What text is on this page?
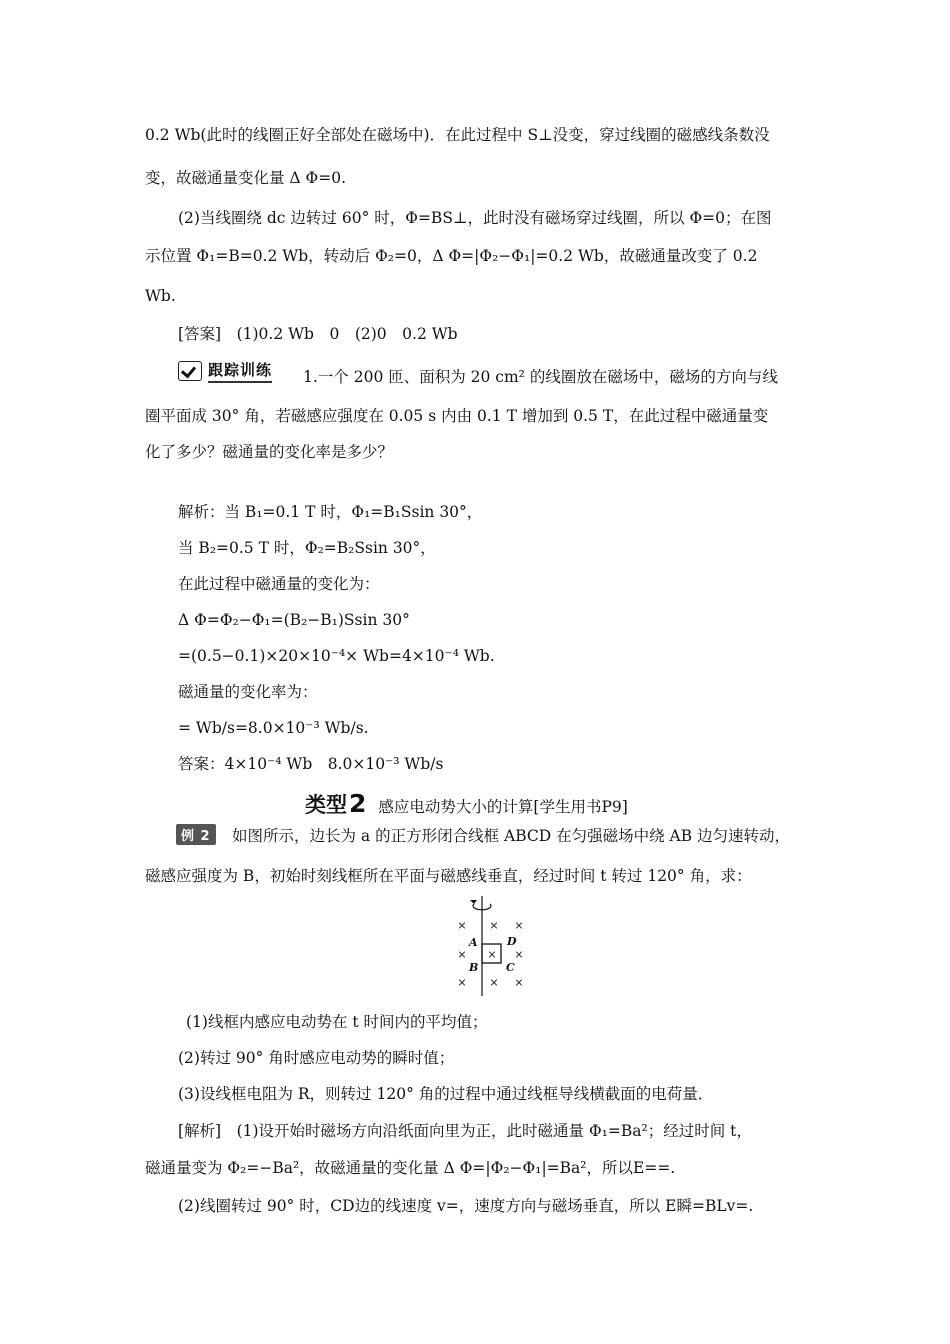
0.2 Wb(此时的线圈正好全部处在磁场中)．在此过程中 S⊥没变，穿过线圈的磁感线条数没
变，故磁通量变化量 Δ Φ=0.
(2)当线圈绕 dc 边转过 60° 时，Φ=BS⊥，此时没有磁场穿过线圈，所以 Φ=0；在图
示位置 Φ₁=B=0.2 Wb，转动后 Φ₂=0，Δ Φ=|Φ₂−Φ₁|=0.2 Wb，故磁通量改变了 0.2
Wb.
[答案]　(1)0.2 Wb　0　(2)0　0.2 Wb
跟踪训练 1.一个 200 匝、面积为 20 cm² 的线圈放在磁场中，磁场的方向与线
圈平面成 30° 角，若磁感应强度在 0.05 s 内由 0.1 T 增加到 0.5 T，在此过程中磁通量变
化了多少？磁通量的变化率是多少？
解析：当 B₁=0.1 T 时，Φ₁=B₁Ssin 30°，
当 B₂=0.5 T 时，Φ₂=B₂Ssin 30°，
在此过程中磁通量的变化为：
Δ Φ=Φ₂−Φ₁=(B₂−B₁)Ssin 30°
=(0.5−0.1)×20×10⁻⁴× Wb=4×10⁻⁴ Wb.
磁通量的变化率为：
= Wb/s=8.0×10⁻³ Wb/s.
答案：4×10⁻⁴ Wb　8.0×10⁻³ Wb/s
类型 2 感应电动势大小的计算[学生用书P9]
例 2	如图所示，边长为 a 的正方形闭合线框 ABCD 在匀强磁场中绕 AB 边匀速转动，
磁感应强度为 B，初始时刻线框所在平面与磁感线垂直，经过时间 t 转过 120° 角，求：
× × ×
× × ×
× × ×
A
B	C
D
(1)线框内感应电动势在 t 时间内的平均值；
(2)转过 90° 角时感应电动势的瞬时值；
(3)设线框电阻为 R，则转过 120° 角的过程中通过线框导线横截面的电荷量．
[解析]　(1)设开始时磁场方向沿纸面向里为正，此时磁通量 Φ₁=Ba²；经过时间 t，
磁通量变为 Φ₂=−Ba²，故磁通量的变化量 Δ Φ=|Φ₂−Φ₁|=Ba²，所以E==.
(2)线圈转过 90° 时，CD边的线速度 v=，速度方向与磁场垂直，所以 E瞬=BLv=.
